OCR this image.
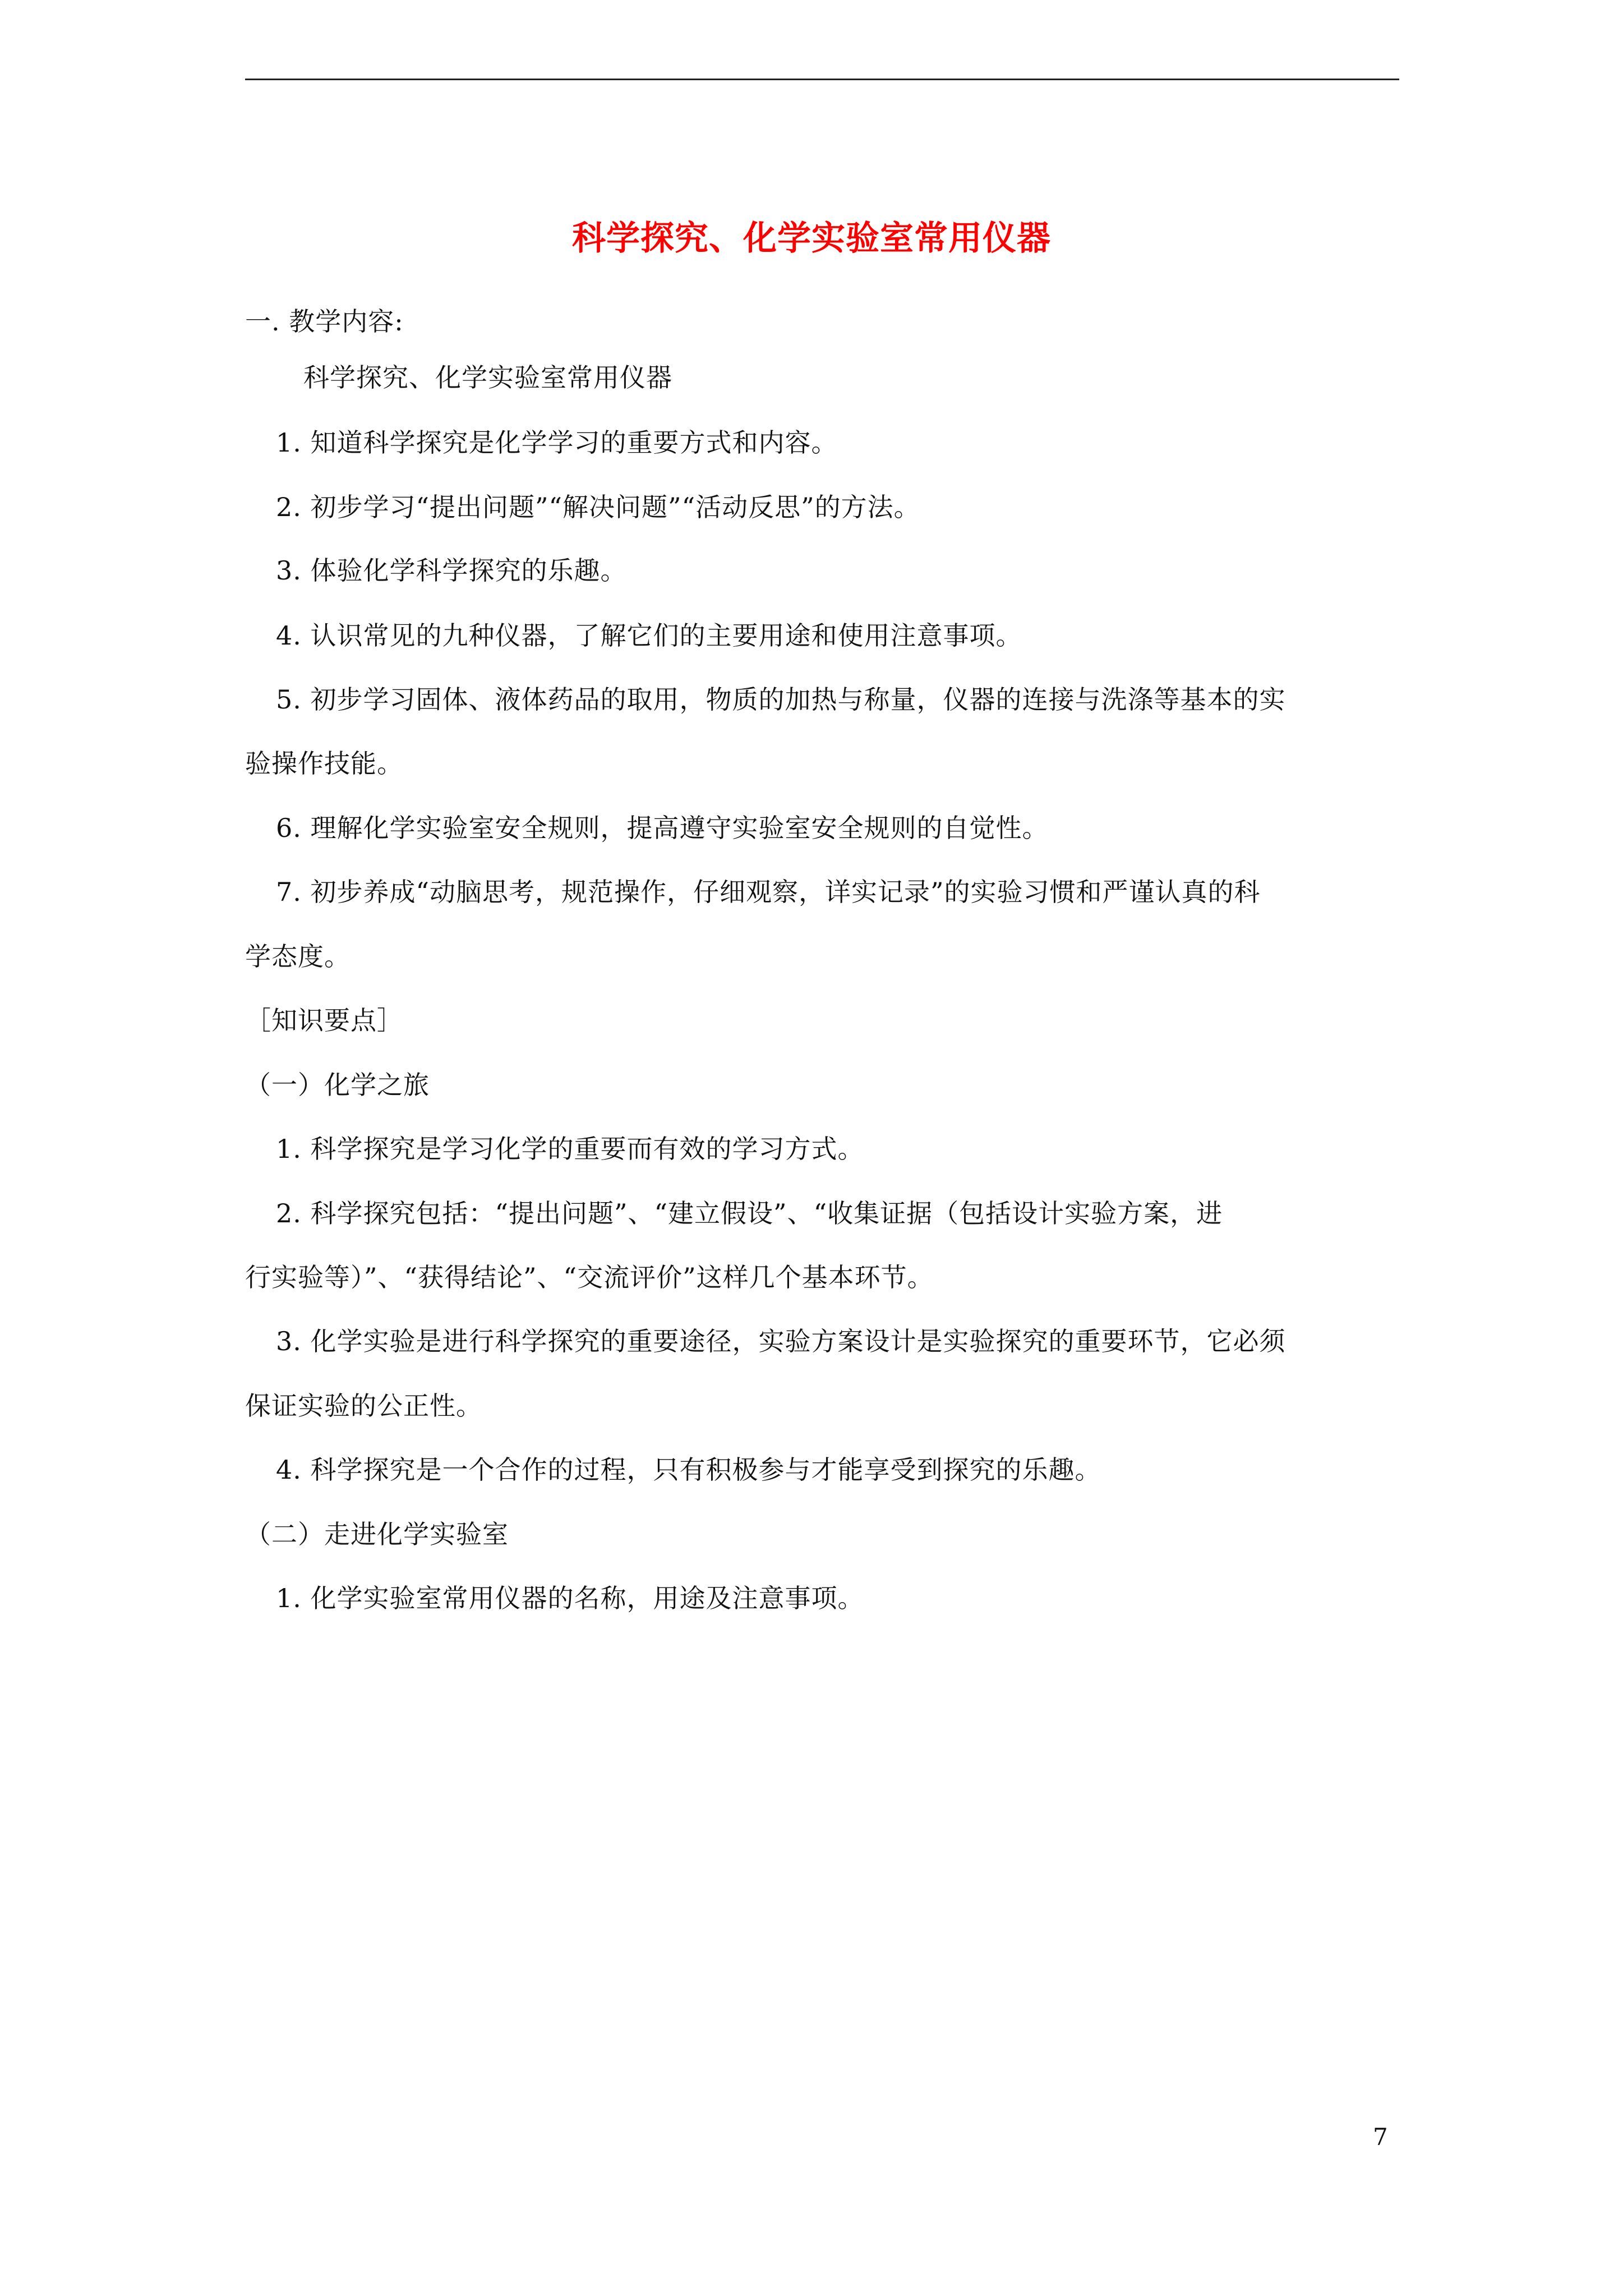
科学探究、化学实验室常用仪器
一. 教学内容:
科学探究、化学实验室常用仪器
1. 知道科学探究是化学学习的重要方式和内容。
2. 初步学习“提出问题”“解决问题”“活动反思”的方法。
3. 体验化学科学探究的乐趣。
4. 认识常见的九种仪器，了解它们的主要用途和使用注意事项。
5. 初步学习固体、液体药品的取用，物质的加热与称量，仪器的连接与洗涤等基本的实
验操作技能。
6. 理解化学实验室安全规则，提高遵守实验室安全规则的自觉性。
7. 初步养成“动脑思考，规范操作，仔细观察，详实记录”的实验习惯和严谨认真的科
学态度。
［知识要点］
（一）化学之旅
1. 科学探究是学习化学的重要而有效的学习方式。
2. 科学探究包括：“提出问题”、“建立假设”、“收集证据（包括设计实验方案，进
行实验等）”、“获得结论”、“交流评价”这样几个基本环节。
3. 化学实验是进行科学探究的重要途径，实验方案设计是实验探究的重要环节，它必须
保证实验的公正性。
4. 科学探究是一个合作的过程，只有积极参与才能享受到探究的乐趣。
（二）走进化学实验室
1. 化学实验室常用仪器的名称，用途及注意事项。
7
